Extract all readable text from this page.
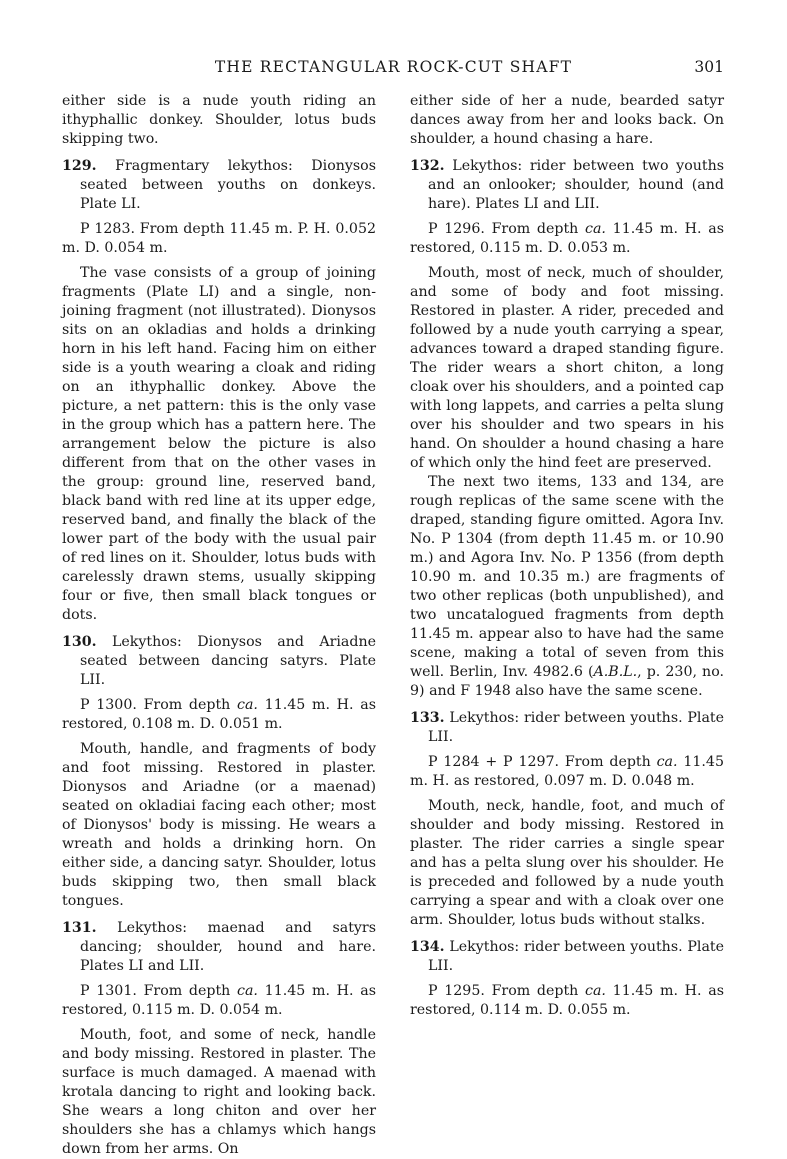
THE RECTANGULAR ROCK-CUT SHAFT	301

either side is a nude youth riding an ithyphallic donkey. Shoulder, lotus buds skipping two.

129. Fragmentary lekythos: Dionysos seated between youths on donkeys. Plate LI.

P 1283. From depth 11.45 m. P. H. 0.052 m. D. 0.054 m.

The vase consists of a group of joining fragments (Plate LI) and a single, non-joining fragment (not illustrated). Dionysos sits on an okladias and holds a drinking horn in his left hand. Facing him on either side is a youth wearing a cloak and riding on an ithyphallic donkey. Above the picture, a net pattern: this is the only vase in the group which has a pattern here. The arrangement below the picture is also different from that on the other vases in the group: ground line, reserved band, black band with red line at its upper edge, reserved band, and finally the black of the lower part of the body with the usual pair of red lines on it. Shoulder, lotus buds with carelessly drawn stems, usually skipping four or five, then small black tongues or dots.

130. Lekythos: Dionysos and Ariadne seated between dancing satyrs. Plate LII.

P 1300. From depth ca. 11.45 m. H. as restored, 0.108 m. D. 0.051 m.

Mouth, handle, and fragments of body and foot missing. Restored in plaster. Dionysos and Ariadne (or a maenad) seated on okladiai facing each other; most of Dionysos' body is missing. He wears a wreath and holds a drinking horn. On either side, a dancing satyr. Shoulder, lotus buds skipping two, then small black tongues.

131. Lekythos: maenad and satyrs dancing; shoulder, hound and hare. Plates LI and LII.

P 1301. From depth ca. 11.45 m. H. as restored, 0.115 m. D. 0.054 m.

Mouth, foot, and some of neck, handle and body missing. Restored in plaster. The surface is much damaged. A maenad with krotala dancing to right and looking back. She wears a long chiton and over her shoulders she has a chlamys which hangs down from her arms. On

either side of her a nude, bearded satyr dances away from her and looks back. On shoulder, a hound chasing a hare.

132. Lekythos: rider between two youths and an onlooker; shoulder, hound (and hare). Plates LI and LII.

P 1296. From depth ca. 11.45 m. H. as restored, 0.115 m. D. 0.053 m.

Mouth, most of neck, much of shoulder, and some of body and foot missing. Restored in plaster. A rider, preceded and followed by a nude youth carrying a spear, advances toward a draped standing figure. The rider wears a short chiton, a long cloak over his shoulders, and a pointed cap with long lappets, and carries a pelta slung over his shoulder and two spears in his hand. On shoulder a hound chasing a hare of which only the hind feet are preserved.

The next two items, 133 and 134, are rough replicas of the same scene with the draped, standing figure omitted. Agora Inv. No. P 1304 (from depth 11.45 m. or 10.90 m.) and Agora Inv. No. P 1356 (from depth 10.90 m. and 10.35 m.) are fragments of two other replicas (both unpublished), and two uncatalogued fragments from depth 11.45 m. appear also to have had the same scene, making a total of seven from this well. Berlin, Inv. 4982.6 (A.B.L., p. 230, no. 9) and F 1948 also have the same scene.

133. Lekythos: rider between youths. Plate LII.

P 1284 + P 1297. From depth ca. 11.45 m. H. as restored, 0.097 m. D. 0.048 m.

Mouth, neck, handle, foot, and much of shoulder and body missing. Restored in plaster. The rider carries a single spear and has a pelta slung over his shoulder. He is preceded and followed by a nude youth carrying a spear and with a cloak over one arm. Shoulder, lotus buds without stalks.

134. Lekythos: rider between youths. Plate LII.

P 1295. From depth ca. 11.45 m. H. as restored, 0.114 m. D. 0.055 m.
